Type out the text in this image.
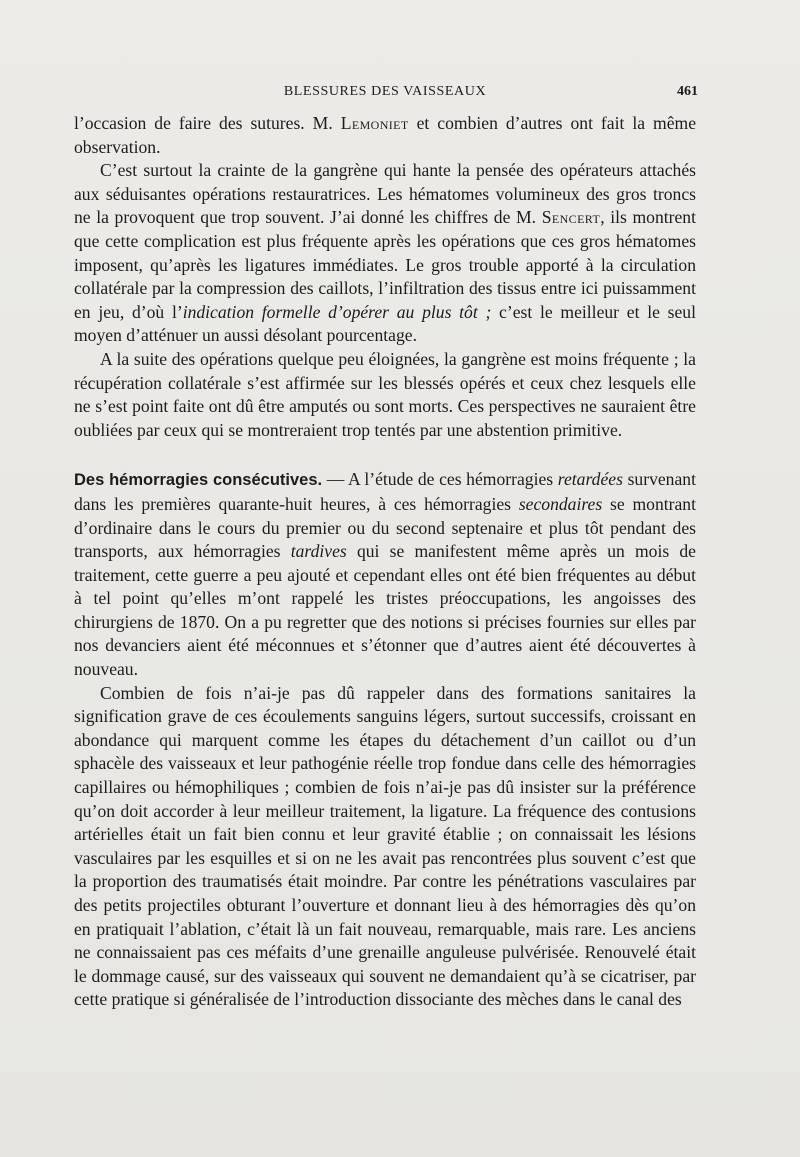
BLESSURES DES VAISSEAUX	461

l’occasion de faire des sutures. M. Lemoniet et combien d’autres ont fait la même observation.

C’est surtout la crainte de la gangrène qui hante la pensée des opérateurs attachés aux séduisantes opérations restauratrices. Les hématomes volumineux des gros troncs ne la provoquent que trop souvent. J’ai donné les chiffres de M. Sencert, ils montrent que cette complication est plus fréquente après les opérations que ces gros hématomes imposent, qu’après les ligatures immédiates. Le gros trouble apporté à la circulation collatérale par la compression des caillots, l’infiltration des tissus entre ici puissamment en jeu, d’où l’indication formelle d’opérer au plus tôt ; c’est le meilleur et le seul moyen d’atténuer un aussi désolant pourcentage.

A la suite des opérations quelque peu éloignées, la gangrène est moins fréquente ; la récupération collatérale s’est affirmée sur les blessés opérés et ceux chez lesquels elle ne s’est point faite ont dû être amputés ou sont morts. Ces perspectives ne sauraient être oubliées par ceux qui se montreraient trop tentés par une abstention primitive.

Des hémorragies consécutives. — A l’étude de ces hémorragies retardées survenant dans les premières quarante-huit heures, à ces hémorragies secondaires se montrant d’ordinaire dans le cours du premier ou du second septenaire et plus tôt pendant des transports, aux hémorragies tardives qui se manifestent même après un mois de traitement, cette guerre a peu ajouté et cependant elles ont été bien fréquentes au début à tel point qu’elles m’ont rappelé les tristes préoccupations, les angoisses des chirurgiens de 1870. On a pu regretter que des notions si précises fournies sur elles par nos devanciers aient été méconnues et s’étonner que d’autres aient été découvertes à nouveau.

Combien de fois n’ai-je pas dû rappeler dans des formations sanitaires la signification grave de ces écoulements sanguins légers, surtout successifs, croissant en abondance qui marquent comme les étapes du détachement d’un caillot ou d’un sphacèle des vaisseaux et leur pathogénie réelle trop fondue dans celle des hémorragies capillaires ou hémophiliques ; combien de fois n’ai-je pas dû insister sur la préférence qu’on doit accorder à leur meilleur traitement, la ligature. La fréquence des contusions artérielles était un fait bien connu et leur gravité établie ; on connaissait les lésions vasculaires par les esquilles et si on ne les avait pas rencontrées plus souvent c’est que la proportion des traumatisés était moindre. Par contre les pénétrations vasculaires par des petits projectiles obturant l’ouverture et donnant lieu à des hémorragies dès qu’on en pratiquait l’ablation, c’était là un fait nouveau, remarquable, mais rare. Les anciens ne connaissaient pas ces méfaits d’une grenaille anguleuse pulvérisée. Renouvelé était le dommage causé, sur des vaisseaux qui souvent ne demandaient qu’à se cicatriser, par cette pratique si généralisée de l’introduction dissociante des mèches dans le canal des
